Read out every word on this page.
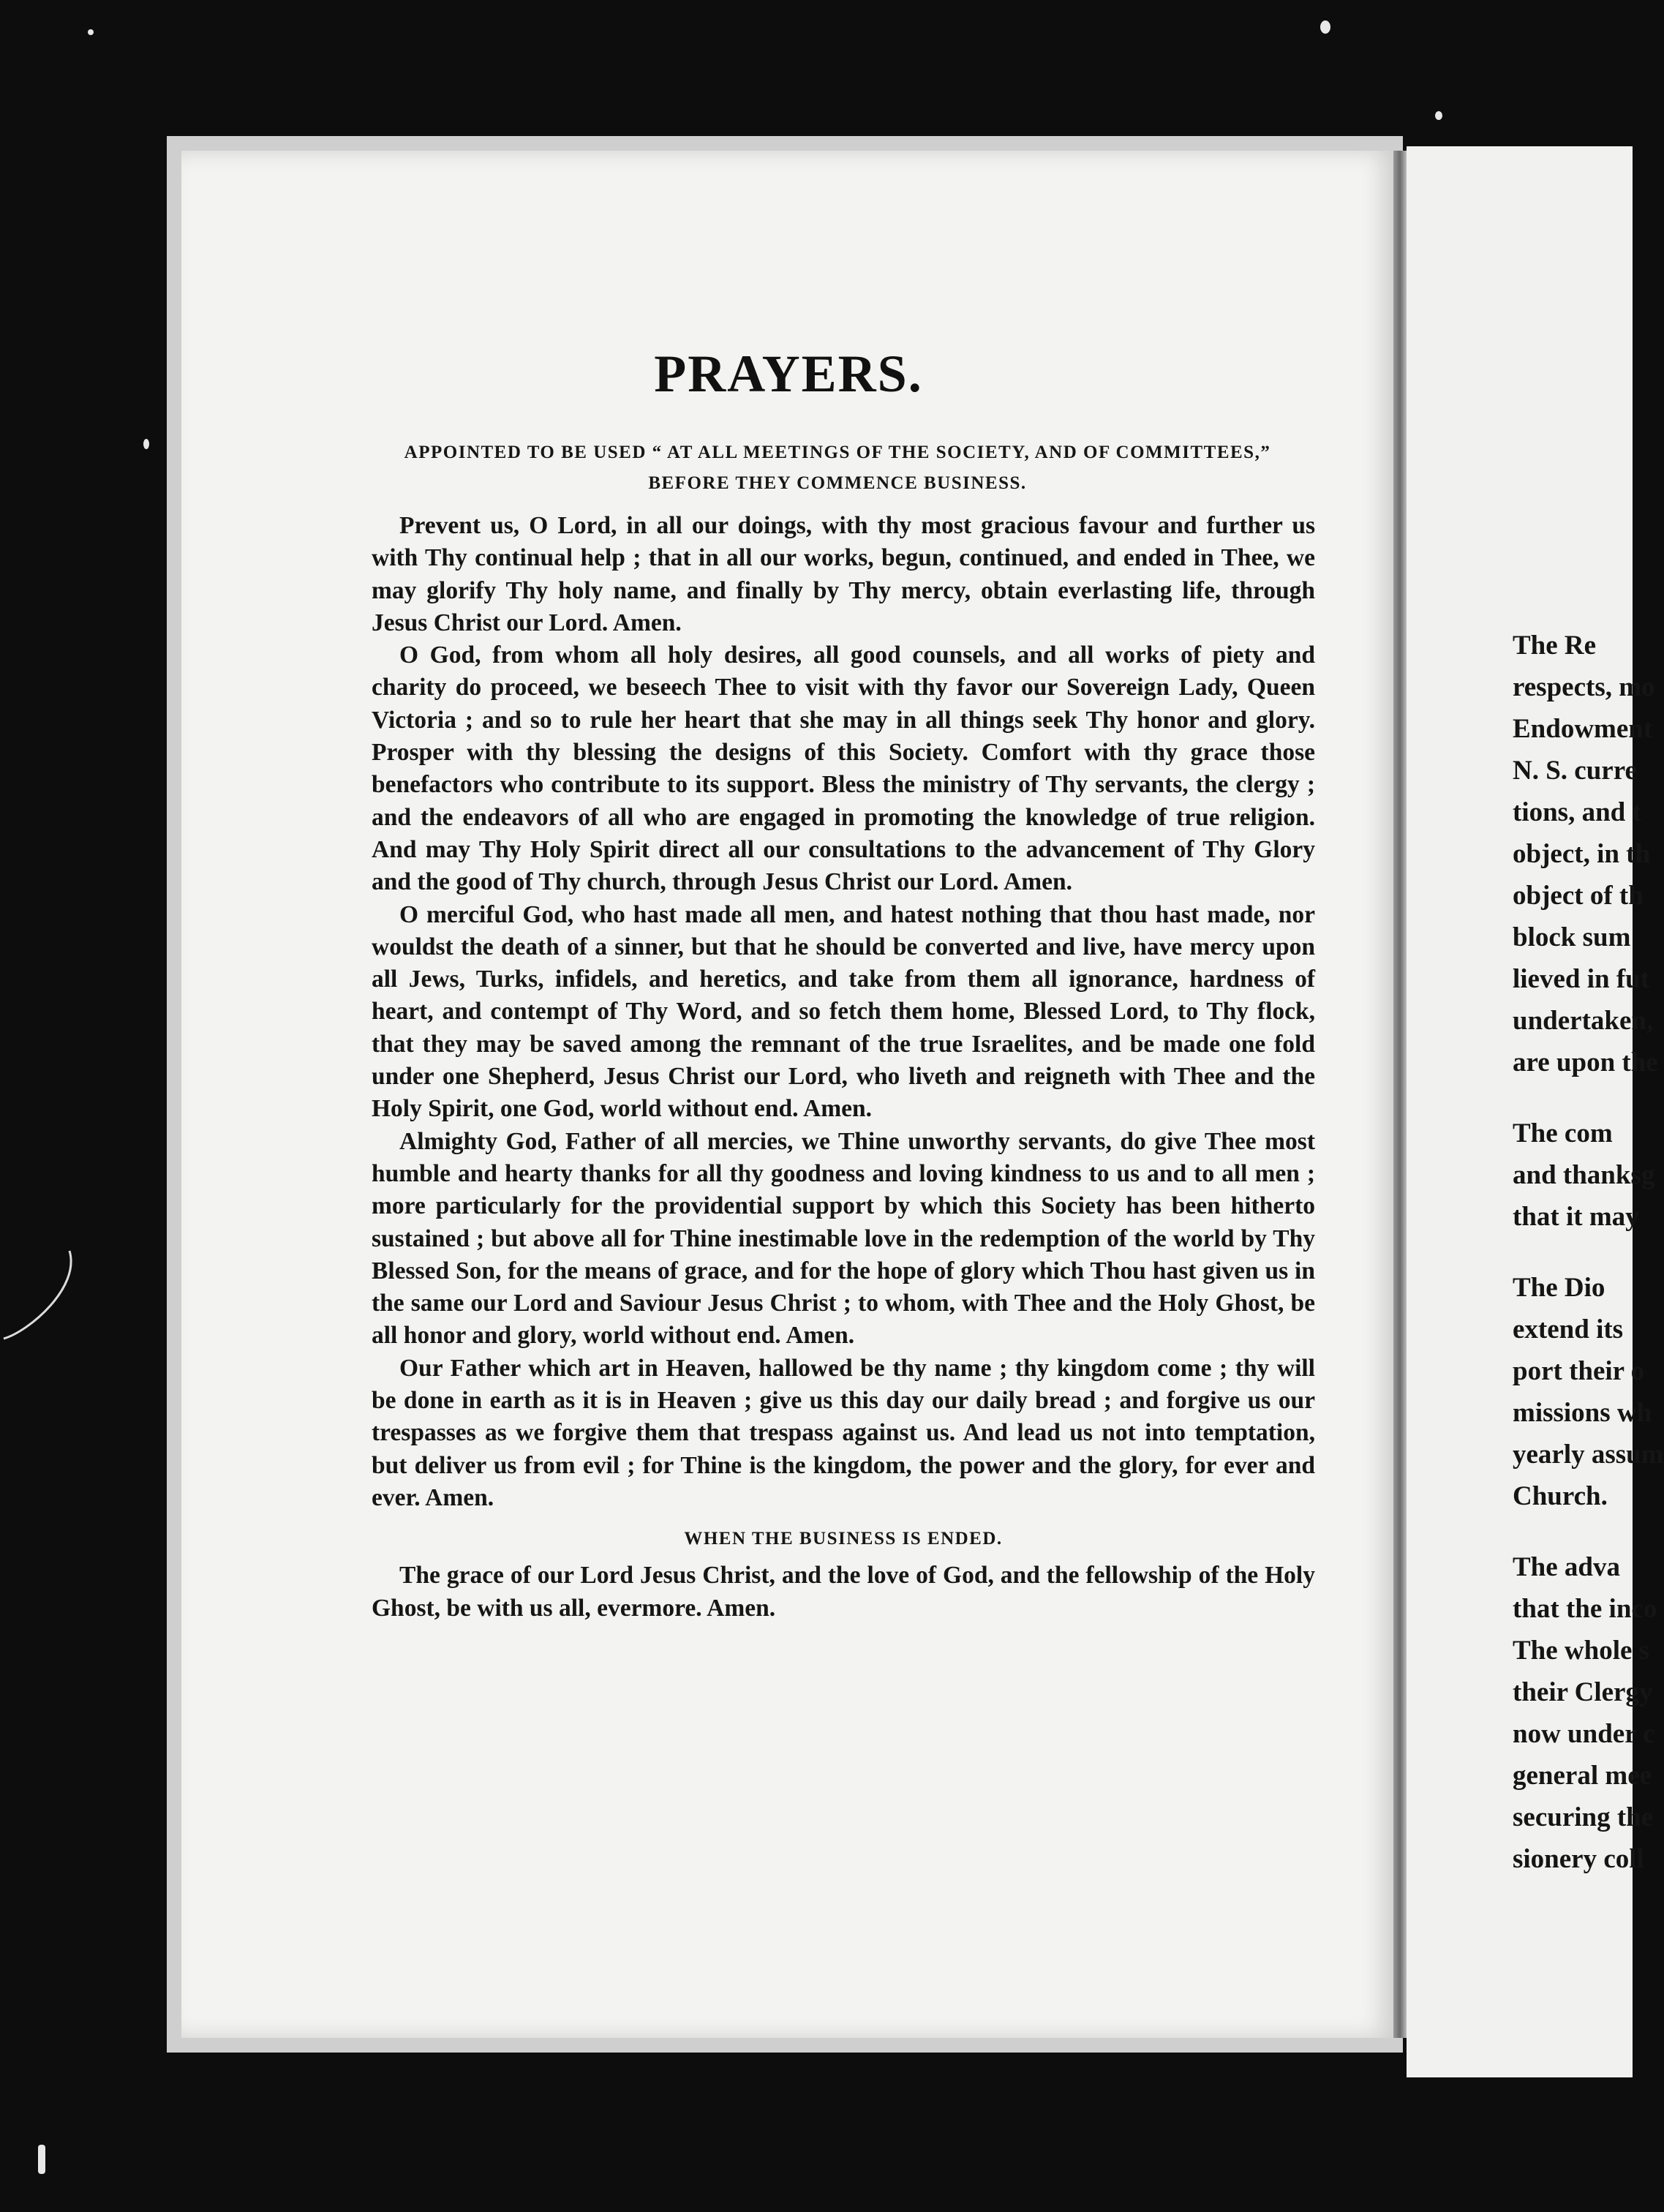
PRAYERS.

APPOINTED TO BE USED “ AT ALL MEETINGS OF THE SOCIETY, AND OF COMMITTEES,” BEFORE THEY COMMENCE BUSINESS.

Prevent us, O Lord, in all our doings, with thy most gracious favour and further us with Thy continual help ; that in all our works, begun, continued, and ended in Thee, we may glorify Thy holy name, and finally by Thy mercy, obtain everlasting life, through Jesus Christ our Lord. Amen.

O God, from whom all holy desires, all good counsels, and all works of piety and charity do proceed, we beseech Thee to visit with thy favor our Sovereign Lady, Queen Victoria ; and so to rule her heart that she may in all things seek Thy honor and glory. Prosper with thy blessing the designs of this Society. Comfort with thy grace those benefactors who contribute to its support. Bless the ministry of Thy servants, the clergy ; and the endeavors of all who are engaged in promoting the knowledge of true religion. And may Thy Holy Spirit direct all our consultations to the advancement of Thy Glory and the good of Thy church, through Jesus Christ our Lord. Amen.

O merciful God, who hast made all men, and hatest nothing that thou hast made, nor wouldst the death of a sinner, but that he should be converted and live, have mercy upon all Jews, Turks, infidels, and heretics, and take from them all ignorance, hardness of heart, and contempt of Thy Word, and so fetch them home, Blessed Lord, to Thy flock, that they may be saved among the remnant of the true Israelites, and be made one fold under one Shepherd, Jesus Christ our Lord, who liveth and reigneth with Thee and the Holy Spirit, one God, world without end. Amen.

Almighty God, Father of all mercies, we Thine unworthy servants, do give Thee most humble and hearty thanks for all thy goodness and loving kindness to us and to all men ; more particularly for the providential support by which this Society has been hitherto sustained ; but above all for Thine inestimable love in the redemption of the world by Thy Blessed Son, for the means of grace, and for the hope of glory which Thou hast given us in the same our Lord and Saviour Jesus Christ ; to whom, with Thee and the Holy Ghost, be all honor and glory, world without end. Amen.

Our Father which art in Heaven, hallowed be thy name ; thy kingdom come ; thy will be done in earth as it is in Heaven ; give us this day our daily bread ; and forgive us our trespasses as we forgive them that trespass against us. And lead us not into temptation, but deliver us from evil ; for Thine is the kingdom, the power and the glory, for ever and ever. Amen.

WHEN THE BUSINESS IS ENDED.

The grace of our Lord Jesus Christ, and the love of God, and the fellowship of the Holy Ghost, be with us all, evermore. Amen.

The Re
respects, mo
Endowment
N. S. curre
tions, and t
object, in th
object of th
block sum
lieved in fut
undertaken,
are upon the
The com
and thanksg
that it may
The Dio
extend its
port their o
missions wh
yearly assum
Church.
The adva
that the inco
The whole s
their Clergy
now under c
general mee
securing the
sionery coll
